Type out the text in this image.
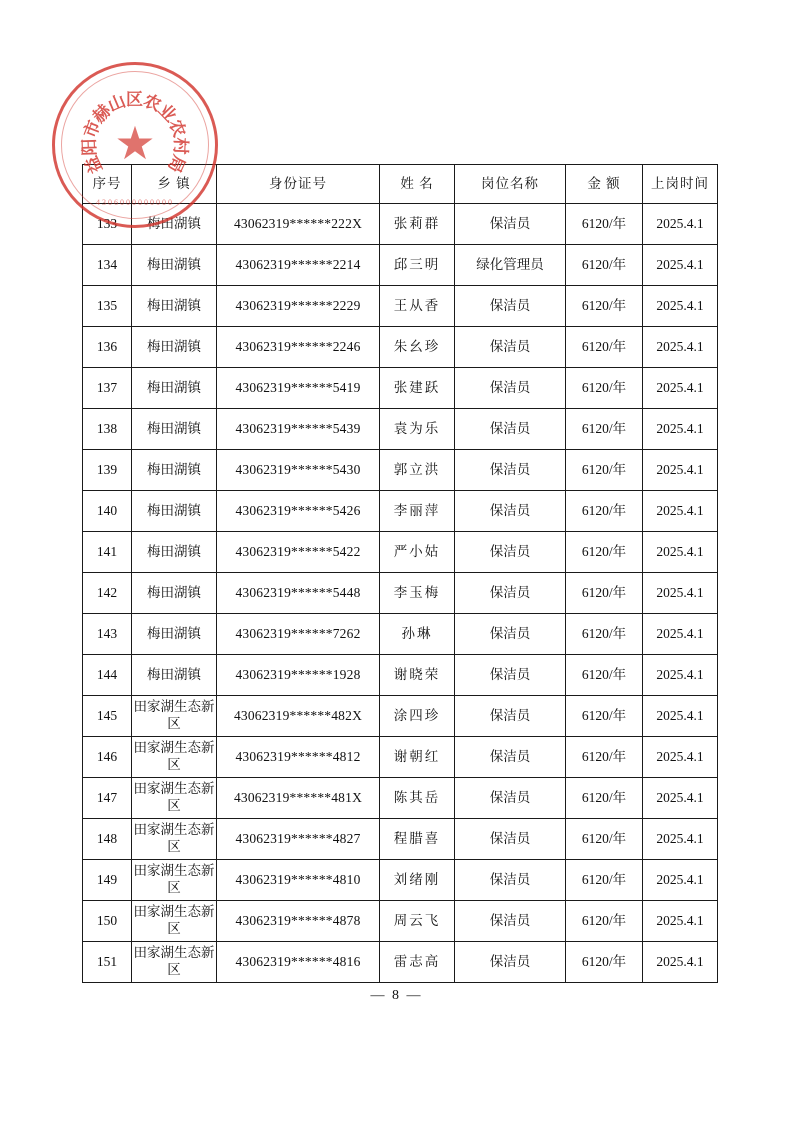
益
阳
市
赫
山
区
农
业
农
村
局
★
4306000000000
序号	乡 镇	身份证号	姓 名	岗位名称	金 额	上岗时间
133	梅田湖镇	43062319******222X	张莉群	保洁员	6120/年	2025.4.1
134	梅田湖镇	43062319******2214	邱三明	绿化管理员	6120/年	2025.4.1
135	梅田湖镇	43062319******2229	王从香	保洁员	6120/年	2025.4.1
136	梅田湖镇	43062319******2246	朱幺珍	保洁员	6120/年	2025.4.1
137	梅田湖镇	43062319******5419	张建跃	保洁员	6120/年	2025.4.1
138	梅田湖镇	43062319******5439	袁为乐	保洁员	6120/年	2025.4.1
139	梅田湖镇	43062319******5430	郭立洪	保洁员	6120/年	2025.4.1
140	梅田湖镇	43062319******5426	李丽萍	保洁员	6120/年	2025.4.1
141	梅田湖镇	43062319******5422	严小姑	保洁员	6120/年	2025.4.1
142	梅田湖镇	43062319******5448	李玉梅	保洁员	6120/年	2025.4.1
143	梅田湖镇	43062319******7262	孙琳	保洁员	6120/年	2025.4.1
144	梅田湖镇	43062319******1928	谢晓荣	保洁员	6120/年	2025.4.1
145	田家湖生态新区	43062319******482X	涂四珍	保洁员	6120/年	2025.4.1
146	田家湖生态新区	43062319******4812	谢朝红	保洁员	6120/年	2025.4.1
147	田家湖生态新区	43062319******481X	陈其岳	保洁员	6120/年	2025.4.1
148	田家湖生态新区	43062319******4827	程腊喜	保洁员	6120/年	2025.4.1
149	田家湖生态新区	43062319******4810	刘绪刚	保洁员	6120/年	2025.4.1
150	田家湖生态新区	43062319******4878	周云飞	保洁员	6120/年	2025.4.1
151	田家湖生态新区	43062319******4816	雷志高	保洁员	6120/年	2025.4.1
— 8 —
